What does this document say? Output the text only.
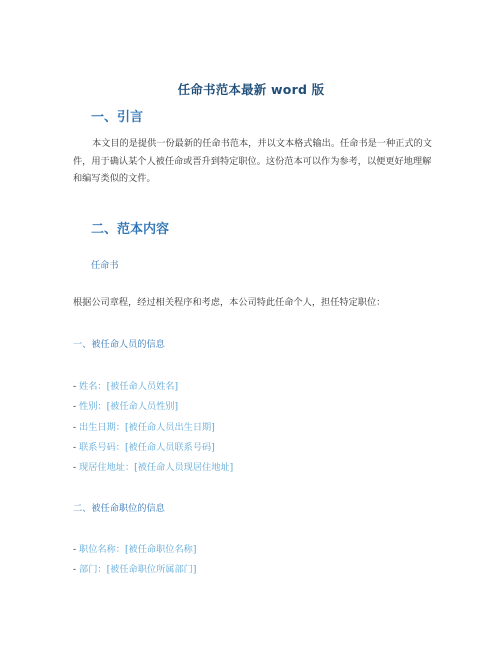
任命书范本最新 word 版
一、引言
本文目的是提供一份最新的任命书范本，并以文本格式输出。任命书是一种正式的文件，用于确认某个人被任命或晋升到特定职位。这份范本可以作为参考，以便更好地理解和编写类似的文件。
二、范本内容
任命书
根据公司章程，经过相关程序和考虑，本公司特此任命个人，担任特定职位：
一、被任命人员的信息
- 姓名：[被任命人员姓名]
- 性别：[被任命人员性别]
- 出生日期：[被任命人员出生日期]
- 联系号码：[被任命人员联系号码]
- 现居住地址：[被任命人员现居住地址]
二、被任命职位的信息
- 职位名称：[被任命职位名称]
- 部门：[被任命职位所属部门]
